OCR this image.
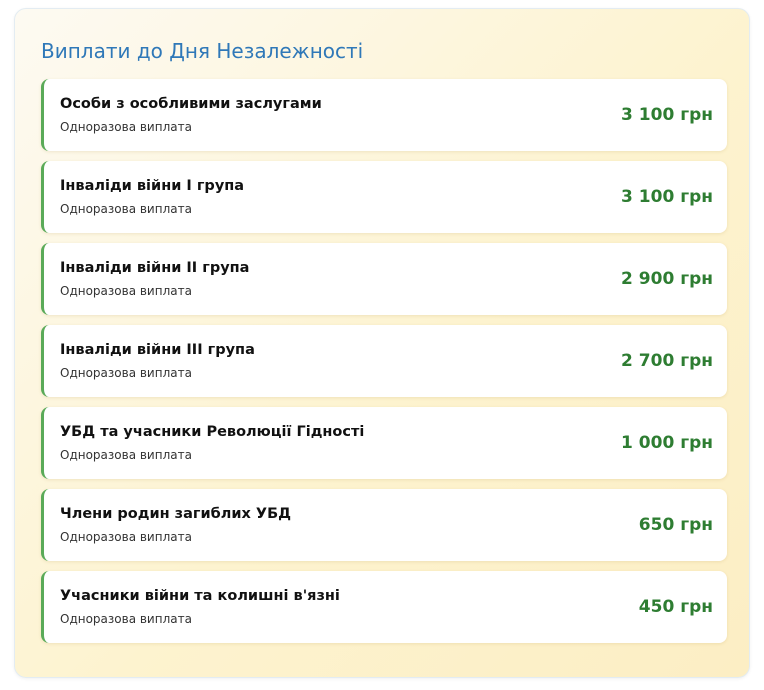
Виплати до Дня Незалежності
Особи з особливими заслугами
Одноразова виплата
3 100 грн
Інваліди війни I група
Одноразова виплата
3 100 грн
Інваліди війни II група
Одноразова виплата
2 900 грн
Інваліди війни III група
Одноразова виплата
2 700 грн
УБД та учасники Революції Гідності
Одноразова виплата
1 000 грн
Члени родин загиблих УБД
Одноразова виплата
650 грн
Учасники війни та колишні в'язні
Одноразова виплата
450 грн
